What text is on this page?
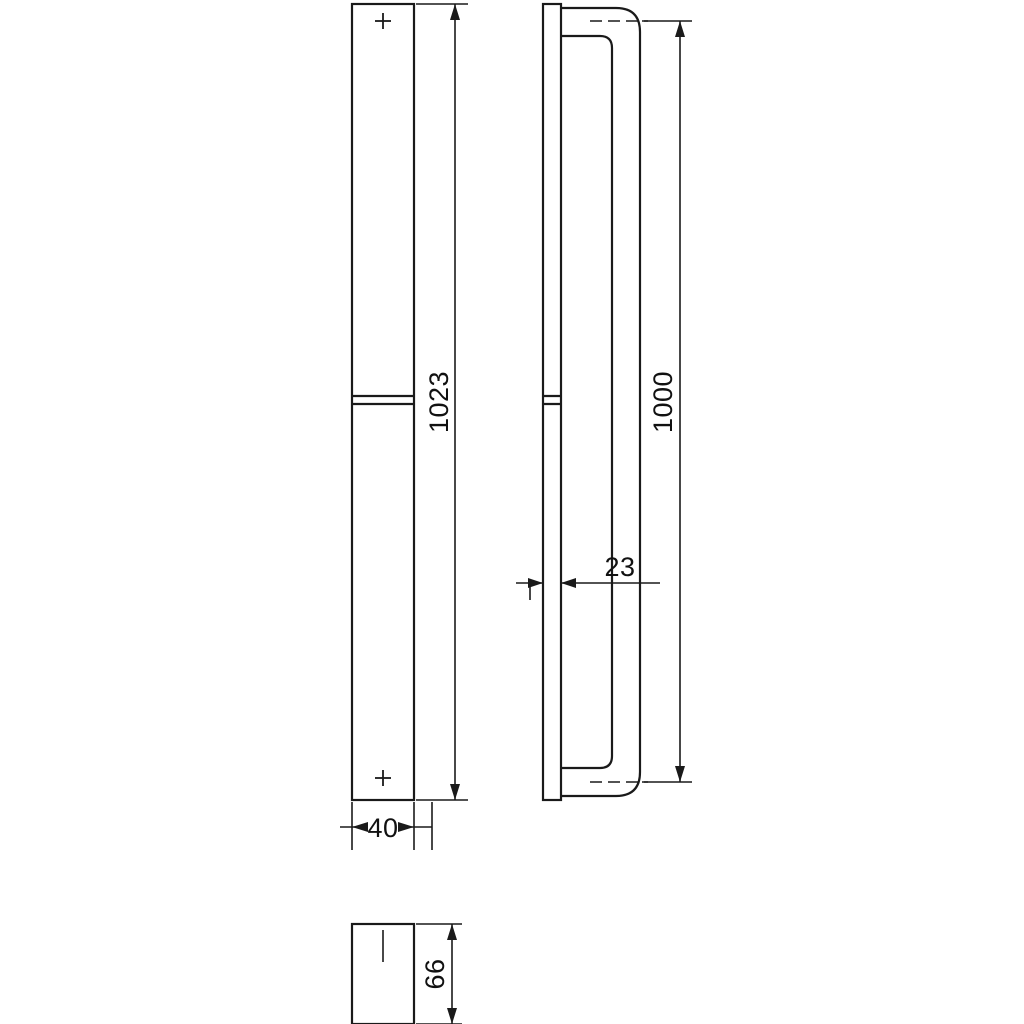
1023
40
1000
23
66
